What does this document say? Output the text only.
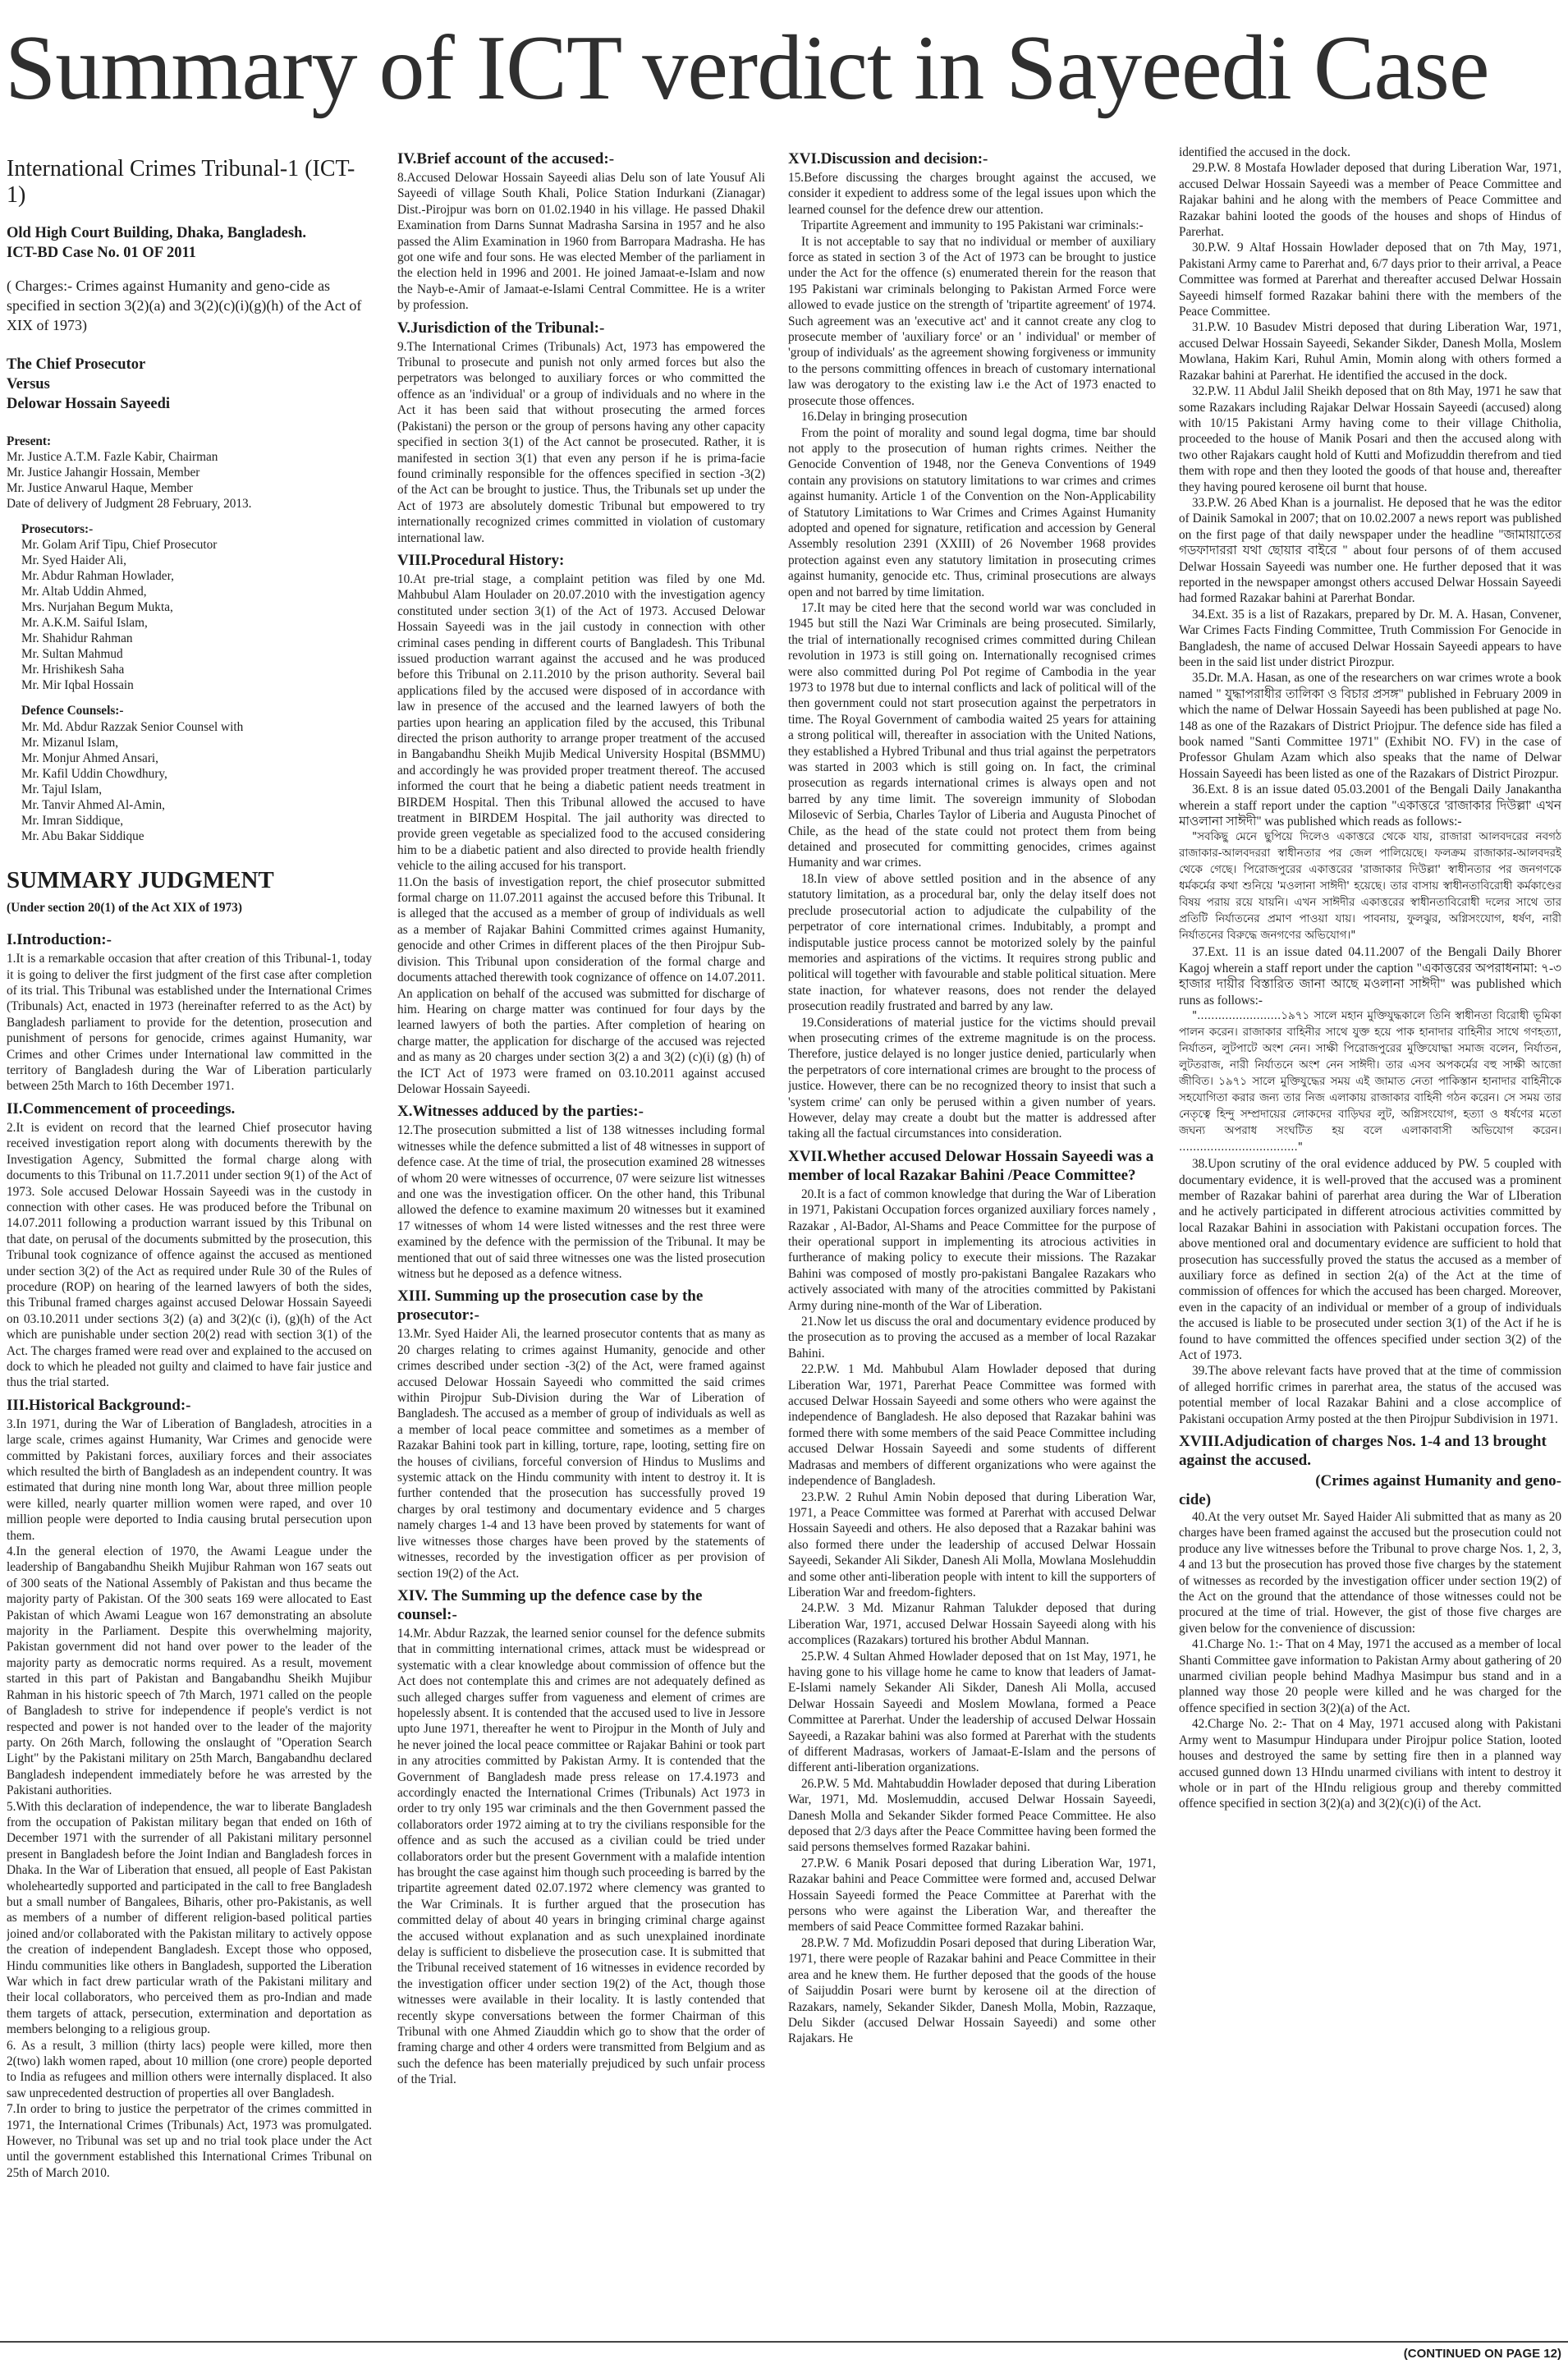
Summary of ICT verdict in Sayeedi Case
International Crimes Tribunal-1 (ICT-1)
Old High Court Building, Dhaka, Bangladesh.
ICT-BD Case No. 01 OF 2011
( Charges:- Crimes against Humanity and geno-cide as specified in section 3(2)(a) and 3(2)(c)(i)(g)(h) of the Act of XIX of 1973)
The Chief Prosecutor
Versus
Delowar Hossain Sayeedi
Present:
Mr. Justice A.T.M. Fazle Kabir, Chairman
Mr. Justice Jahangir Hossain, Member
Mr. Justice Anwarul Haque, Member
Date of delivery of Judgment 28 February, 2013.
Prosecutors:-
Mr. Golam Arif Tipu, Chief Prosecutor
Mr. Syed Haider Ali,
Mr. Abdur Rahman Howlader,
Mr. Altab Uddin Ahmed,
Mrs. Nurjahan Begum Mukta,
Mr. A.K.M. Saiful Islam,
Mr. Shahidur Rahman
Mr. Sultan Mahmud
Mr. Hrishikesh Saha
Mr. Mir Iqbal Hossain
Defence Counsels:-
Mr. Md. Abdur Razzak Senior Counsel with
Mr. Mizanul Islam,
Mr. Monjur Ahmed Ansari,
Mr. Kafil Uddin Chowdhury,
Mr. Tajul Islam,
Mr. Tanvir Ahmed Al-Amin,
Mr. Imran Siddique,
Mr. Abu Bakar Siddique
SUMMARY JUDGMENT
(Under section 20(1) of the Act XIX of 1973)
I.Introduction:-

1.It is a remarkable occasion that after creation of this Tribunal-1, today it is going to deliver the first judgment of the first case after completion of its trial. This Tribunal was established under the International Crimes (Tribunals) Act, enacted in 1973 (hereinafter referred to as the Act) by Bangladesh parliament to provide for the detention, prosecution and punishment of persons for genocide, crimes against Humanity, war Crimes and other Crimes under International law committed in the territory of Bangladesh during the War of Liberation particularly between 25th March to 16th December 1971.

II.Commencement of proceedings.

2.It is evident on record that the learned Chief prosecutor having received investigation report along with documents therewith by the Investigation Agency, Submitted the formal charge along with documents to this Tribunal on 11.7.2011 under section 9(1) of the Act of 1973. Sole accused Delowar Hossain Sayeedi was in the custody in connection with other cases. He was produced before the Tribunal on 14.07.2011 following a production warrant issued by this Tribunal on that date, on perusal of the documents submitted by the prosecution, this Tribunal took cognizance of offence against the accused as mentioned under section 3(2) of the Act as required under Rule 30 of the Rules of procedure (ROP) on hearing of the learned lawyers of both the sides, this Tribunal framed charges against accused Delowar Hossain Sayeedi on 03.10.2011 under sections 3(2) (a) and 3(2)(c (i), (g)(h) of the Act which are punishable under section 20(2) read with section 3(1) of the Act. The charges framed were read over and explained to the accused on dock to which he pleaded not guilty and claimed to have fair justice and thus the trial started.

III.Historical Background:-

3.In 1971, during the War of Liberation of Bangladesh, atrocities in a large scale, crimes against Humanity, War Crimes and genocide were committed by Pakistani forces, auxiliary forces and their associates which resulted the birth of Bangladesh as an independent country. It was estimated that during nine month long War, about three million people were killed, nearly quarter million women were raped, and over 10 million people were deported to India causing brutal persecution upon them.

4.In the general election of 1970, the Awami League under the leadership of Bangabandhu Sheikh Mujibur Rahman won 167 seats out of 300 seats of the National Assembly of Pakistan and thus became the majority party of Pakistan. Of the 300 seats 169 were allocated to East Pakistan of which Awami League won 167 demonstrating an absolute majority in the Parliament. Despite this overwhelming majority, Pakistan government did not hand over power to the leader of the majority party as democratic norms required. As a result, movement started in this part of Pakistan and Bangabandhu Sheikh Mujibur Rahman in his historic speech of 7th March, 1971 called on the people of Bangladesh to strive for independence if people's verdict is not respected and power is not handed over to the leader of the majority party. On 26th March, following the onslaught of "Operation Search Light" by the Pakistani military on 25th March, Bangabandhu declared Bangladesh independent immediately before he was arrested by the Pakistani authorities.

5.With this declaration of independence, the war to liberate Bangladesh from the occupation of Pakistan military began that ended on 16th of December 1971 with the surrender of all Pakistani military personnel present in Bangladesh before the Joint Indian and Bangladesh forces in Dhaka. In the War of Liberation that ensued, all people of East Pakistan wholeheartedly supported and participated in the call to free Bangladesh but a small number of Bangalees, Biharis, other pro-Pakistanis, as well as members of a number of different religion-based political parties joined and/or collaborated with the Pakistan military to actively oppose the creation of independent Bangladesh. Except those who opposed, Hindu communities like others in Bangladesh, supported the Liberation War which in fact drew particular wrath of the Pakistani military and their local collaborators, who perceived them as pro-Indian and made them targets of attack, persecution, extermination and deportation as members belonging to a religious group.

6. As a result, 3 million (thirty lacs) people were killed, more then 2(two) lakh women raped, about 10 million (one crore) people deported to India as refugees and million others were internally displaced. It also saw unprecedented destruction of properties all over Bangladesh.

7.In order to bring to justice the perpetrator of the crimes committed in 1971, the International Crimes (Tribunals) Act, 1973 was promulgated. However, no Tribunal was set up and no trial took place under the Act until the government established this International Crimes Tribunal on 25th of March 2010.

IV.Brief account of the accused:-

8.Accused Delowar Hossain Sayeedi alias Delu son of late Yousuf Ali Sayeedi of village South Khali, Police Station Indurkani (Zianagar) Dist.-Pirojpur was born on 01.02.1940 in his village. He passed Dhakil Examination from Darns Sunnat Madrasha Sarsina in 1957 and he also passed the Alim Examination in 1960 from Barropara Madrasha. He has got one wife and four sons. He was elected Member of the parliament in the election held in 1996 and 2001. He joined Jamaat-e-Islam and now the Nayb-e-Amir of Jamaat-e-Islami Central Committee. He is a writer by profession.

V.Jurisdiction of the Tribunal:-

9.The International Crimes (Tribunals) Act, 1973 has empowered the Tribunal to prosecute and punish not only armed forces but also the perpetrators was belonged to auxiliary forces or who committed the offence as an 'individual' or a group of individuals and no where in the Act it has been said that without prosecuting the armed forces (Pakistani) the person or the group of persons having any other capacity specified in section 3(1) of the Act cannot be prosecuted. Rather, it is manifested in section 3(1) that even any person if he is prima-facie found criminally responsible for the offences specified in section -3(2) of the Act can be brought to justice. Thus, the Tribunals set up under the Act of 1973 are absolutely domestic Tribunal but empowered to try internationally recognized crimes committed in violation of customary international law.

VIII.Procedural History:

10.At pre-trial stage, a complaint petition was filed by one Md. Mahbubul Alam Houlader on 20.07.2010 with the investigation agency constituted under section 3(1) of the Act of 1973. Accused Delowar Hossain Sayeedi was in the jail custody in connection with other criminal cases pending in different courts of Bangladesh. This Tribunal issued production warrant against the accused and he was produced before this Tribunal on 2.11.2010 by the prison authority. Several bail applications filed by the accused were disposed of in accordance with law in presence of the accused and the learned lawyers of both the parties upon hearing an application filed by the accused, this Tribunal directed the prison authority to arrange proper treatment of the accused in Bangabandhu Sheikh Mujib Medical University Hospital (BSMMU) and accordingly he was provided proper treatment thereof. The accused informed the court that he being a diabetic patient needs treatment in BIRDEM Hospital. Then this Tribunal allowed the accused to have treatment in BIRDEM Hospital. The jail authority was directed to provide green vegetable as specialized food to the accused considering him to be a diabetic patient and also directed to provide health friendly vehicle to the ailing accused for his transport.

11.On the basis of investigation report, the chief prosecutor submitted formal charge on 11.07.2011 against the accused before this Tribunal. It is alleged that the accused as a member of group of individuals as well as a member of Rajakar Bahini Committed crimes against Humanity, genocide and other Crimes in different places of the then Pirojpur Sub-division. This Tribunal upon consideration of the formal charge and documents attached therewith took cognizance of offence on 14.07.2011. An application on behalf of the accused was submitted for discharge of him. Hearing on charge matter was continued for four days by the learned lawyers of both the parties. After completion of hearing on charge matter, the application for discharge of the accused was rejected and as many as 20 charges under section 3(2) a and 3(2) (c)(i) (g) (h) of the ICT Act of 1973 were framed on 03.10.2011 against accused Delowar Hossain Sayeedi.

X.Witnesses adduced by the parties:-

12.The prosecution submitted a list of 138 witnesses including formal witnesses while the defence submitted a list of 48 witnesses in support of defence case. At the time of trial, the prosecution examined 28 witnesses of whom 20 were witnesses of occurrence, 07 were seizure list witnesses and one was the investigation officer. On the other hand, this Tribunal allowed the defence to examine maximum 20 witnesses but it examined 17 witnesses of whom 14 were listed witnesses and the rest three were examined by the defence with the permission of the Tribunal. It may be mentioned that out of said three witnesses one was the listed prosecution witness but he deposed as a defence witness.

XIII. Summing up the prosecution case by the prosecutor:-

13.Mr. Syed Haider Ali, the learned prosecutor contents that as many as 20 charges relating to crimes against Humanity, genocide and other crimes described under section -3(2) of the Act, were framed against accused Delowar Hossain Sayeedi who committed the said crimes within Pirojpur Sub-Division during the War of Liberation of Bangladesh. The accused as a member of group of individuals as well as a member of local peace committee and sometimes as a member of Razakar Bahini took part in killing, torture, rape, looting, setting fire on the houses of civilians, forceful conversion of Hindus to Muslims and systemic attack on the Hindu community with intent to destroy it. It is further contended that the prosecution has successfully proved 19 charges by oral testimony and documentary evidence and 5 charges namely charges 1-4 and 13 have been proved by statements for want of live witnesses those charges have been proved by the statements of witnesses, recorded by the investigation officer as per provision of section 19(2) of the Act.

XIV. The Summing up the defence case by the counsel:-

14.Mr. Abdur Razzak, the learned senior counsel for the defence submits that in committing international crimes, attack must be widespread or systematic with a clear knowledge about commission of offence but the Act does not contemplate this and crimes are not adequately defined as such alleged charges suffer from vagueness and element of crimes are hopelessly absent. It is contended that the accused used to live in Jessore upto June 1971, thereafter he went to Pirojpur in the Month of July and he never joined the local peace committee or Rajakar Bahini or took part in any atrocities committed by Pakistan Army. It is contended that the Government of Bangladesh made press release on 17.4.1973 and accordingly enacted the International Crimes (Tribunals) Act 1973 in order to try only 195 war criminals and the then Government passed the collaborators order 1972 aiming at to try the civilians responsible for the offence and as such the accused as a civilian could be tried under collaborators order but the present Government with a malafide intention has brought the case against him though such proceeding is barred by the tripartite agreement dated 02.07.1972 where clemency was granted to the War Criminals. It is further argued that the prosecution has committed delay of about 40 years in bringing criminal charge against the accused without explanation and as such unexplained inordinate delay is sufficient to disbelieve the prosecution case. It is submitted that the Tribunal received statement of 16 witnesses in evidence recorded by the investigation officer under section 19(2) of the Act, though those witnesses were available in their locality. It is lastly contended that recently skype conversations between the former Chairman of this Tribunal with one Ahmed Ziauddin which go to show that the order of framing charge and other 4 orders were transmitted from Belgium and as such the defence has been materially prejudiced by such unfair process of the Trial.

XVI.Discussion and decision:-

15.Before discussing the charges brought against the accused, we consider it expedient to address some of the legal issues upon which the learned counsel for the defence drew our attention.

Tripartite Agreement and immunity to 195 Pakistani war criminals:-

It is not acceptable to say that no individual or member of auxiliary force as stated in section 3 of the Act of 1973 can be brought to justice under the Act for the offence (s) enumerated therein for the reason that 195 Pakistani war criminals belonging to Pakistan Armed Force were allowed to evade justice on the strength of 'tripartite agreement' of 1974. Such agreement was an 'executive act' and it cannot create any clog to prosecute member of 'auxiliary force' or an ' individual' or member of 'group of individuals' as the agreement showing forgiveness or immunity to the persons committing offences in breach of customary international law was derogatory to the existing law i.e the Act of 1973 enacted to prosecute those offences.

16.Delay in bringing prosecution

From the point of morality and sound legal dogma, time bar should not apply to the prosecution of human rights crimes. Neither the Genocide Convention of 1948, nor the Geneva Conventions of 1949 contain any provisions on statutory limitations to war crimes and crimes against humanity. Article 1 of the Convention on the Non-Applicability of Statutory Limitations to War Crimes and Crimes Against Humanity adopted and opened for signature, retification and accession by General Assembly resolution 2391 (XXIII) of 26 November 1968 provides protection against even any statutory limitation in prosecuting crimes against humanity, genocide etc. Thus, criminal prosecutions are always open and not barred by time limitation.

17.It may be cited here that the second world war was concluded in 1945 but still the Nazi War Criminals are being prosecuted. Similarly, the trial of internationally recognised crimes committed during Chilean revolution in 1973 is still going on. Internationally recognised crimes were also committed during Pol Pot regime of Cambodia in the year 1973 to 1978 but due to internal conflicts and lack of political will of the then government could not start prosecution against the perpetrators in time. The Royal Government of cambodia waited 25 years for attaining a strong political will, thereafter in association with the United Nations, they established a Hybred Tribunal and thus trial against the perpetrators was started in 2003 which is still going on. In fact, the criminal prosecution as regards international crimes is always open and not barred by any time limit. The sovereign immunity of Slobodan Milosevic of Serbia, Charles Taylor of Liberia and Augusta Pinochet of Chile, as the head of the state could not protect them from being detained and prosecuted for committing genocides, crimes against Humanity and war crimes.

18.In view of above settled position and in the absence of any statutory limitation, as a procedural bar, only the delay itself does not preclude prosecutorial action to adjudicate the culpability of the perpetrator of core international crimes. Indubitably, a prompt and indisputable justice process cannot be motorized solely by the painful memories and aspirations of the victims. It requires strong public and political will together with favourable and stable political situation. Mere state inaction, for whatever reasons, does not render the delayed prosecution readily frustrated and barred by any law.

19.Considerations of material justice for the victims should prevail when prosecuting crimes of the extreme magnitude is on the process. Therefore, justice delayed is no longer justice denied, particularly when the perpetrators of core international crimes are brought to the process of justice. However, there can be no recognized theory to insist that such a 'system crime' can only be perused within a given number of years. However, delay may create a doubt but the matter is addressed after taking all the factual circumstances into consideration.

XVII.Whether accused Delowar Hossain Sayeedi was a member of local Razakar Bahini /Peace Committee?

20.It is a fact of common knowledge that during the War of Liberation in 1971, Pakistani Occupation forces organized auxiliary forces namely , Razakar , Al-Bador, Al-Shams and Peace Committee for the purpose of their operational support in implementing its atrocious activities in furtherance of making policy to execute their missions. The Razakar Bahini was composed of mostly pro-pakistani Bangalee Razakars who actively associated with many of the atrocities committed by Pakistani Army during nine-month of the War of Liberation.

21.Now let us discuss the oral and documentary evidence produced by the prosecution as to proving the accused as a member of local Razakar Bahini.

22.P.W. 1 Md. Mahbubul Alam Howlader deposed that during Liberation War, 1971, Parerhat Peace Committee was formed with accused Delwar Hossain Sayeedi and some others who were against the independence of Bangladesh. He also deposed that Razakar bahini was formed there with some members of the said Peace Committee including accused Delwar Hossain Sayeedi and some students of different Madrasas and members of different organizations who were against the independence of Bangladesh.

23.P.W. 2 Ruhul Amin Nobin deposed that during Liberation War, 1971, a Peace Committee was formed at Parerhat with accused Delwar Hossain Sayeedi and others. He also deposed that a Razakar bahini was also formed there under the leadership of accused Delwar Hossain Sayeedi, Sekander Ali Sikder, Danesh Ali Molla, Mowlana Moslehuddin and some other anti-liberation people with intent to kill the supporters of Liberation War and freedom-fighters.

24.P.W. 3 Md. Mizanur Rahman Talukder deposed that during Liberation War, 1971, accused Delwar Hossain Sayeedi along with his accomplices (Razakars) tortured his brother Abdul Mannan.

25.P.W. 4 Sultan Ahmed Howlader deposed that on 1st May, 1971, he having gone to his village home he came to know that leaders of Jamat-E-Islami namely Sekander Ali Sikder, Danesh Ali Molla, accused Delwar Hossain Sayeedi and Moslem Mowlana, formed a Peace Committee at Parerhat. Under the leadership of accused Delwar Hossain Sayeedi, a Razakar bahini was also formed at Parerhat with the students of different Madrasas, workers of Jamaat-E-Islam and the persons of different anti-liberation organizations.

26.P.W. 5 Md. Mahtabuddin Howlader deposed that during Liberation War, 1971, Md. Moslemuddin, accused Delwar Hossain Sayeedi, Danesh Molla and Sekander Sikder formed Peace Committee. He also deposed that 2/3 days after the Peace Committee having been formed the said persons themselves formed Razakar bahini.

27.P.W. 6 Manik Posari deposed that during Liberation War, 1971, Razakar bahini and Peace Committee were formed and, accused Delwar Hossain Sayeedi formed the Peace Committee at Parerhat with the persons who were against the Liberation War, and thereafter the members of said Peace Committee formed Razakar bahini.

28.P.W. 7 Md. Mofizuddin Posari deposed that during Liberation War, 1971, there were people of Razakar bahini and Peace Committee in their area and he knew them. He further deposed that the goods of the house of Saijuddin Posari were burnt by kerosene oil at the direction of Razakars, namely, Sekander Sikder, Danesh Molla, Mobin, Razzaque, Delu Sikder (accused Delwar Hossain Sayeedi) and some other Rajakars. He

identified the accused in the dock.

29.P.W. 8 Mostafa Howlader deposed that during Liberation War, 1971, accused Delwar Hossain Sayeedi was a member of Peace Committee and Rajakar bahini and he along with the members of Peace Committee and Razakar bahini looted the goods of the houses and shops of Hindus of Parerhat.

30.P.W. 9 Altaf Hossain Howlader deposed that on 7th May, 1971, Pakistani Army came to Parerhat and, 6/7 days prior to their arrival, a Peace Committee was formed at Parerhat and thereafter accused Delwar Hossain Sayeedi himself formed Razakar bahini there with the members of the Peace Committee.

31.P.W. 10 Basudev Mistri deposed that during Liberation War, 1971, accused Delwar Hossain Sayeedi, Sekander Sikder, Danesh Molla, Moslem Mowlana, Hakim Kari, Ruhul Amin, Momin along with others formed a Razakar bahini at Parerhat. He identified the accused in the dock.

32.P.W. 11 Abdul Jalil Sheikh deposed that on 8th May, 1971 he saw that some Razakars including Rajakar Delwar Hossain Sayeedi (accused) along with 10/15 Pakistani Army having come to their village Chitholia, proceeded to the house of Manik Posari and then the accused along with two other Rajakars caught hold of Kutti and Mofizuddin therefrom and tied them with rope and then they looted the goods of that house and, thereafter they having poured kerosene oil burnt that house.

33.P.W. 26 Abed Khan is a journalist. He deposed that he was the editor of Dainik Samokal in 2007; that on 10.02.2007 a news report was published on the first page of that daily newspaper under the headline "জামায়াতের গডফাদাররা যথা ছোয়ার বাইরে " about four persons of of them accused Delwar Hossain Sayeedi was number one. He further deposed that it was reported in the newspaper amongst others accused Delwar Hossain Sayeedi had formed Razakar bahini at Parerhat Bondar.

34.Ext. 35 is a list of Razakars, prepared by Dr. M. A. Hasan, Convener, War Crimes Facts Finding Committee, Truth Commission For Genocide in Bangladesh, the name of accused Delwar Hossain Sayeedi appears to have been in the said list under district Pirozpur.

35.Dr. M.A. Hasan, as one of the researchers on war crimes wrote a book named " যুদ্ধাপরাধীর তালিকা ও বিচার প্রসঙ্গ" published in February 2009 in which the name of Delwar Hossain Sayeedi has been published at page No. 148 as one of the Razakars of District Priojpur. The defence side has filed a book named "Santi Committee 1971" (Exhibit NO. FV) in the case of Professor Ghulam Azam which also speaks that the name of Delwar Hossain Sayeedi has been listed as one of the Razakars of District Pirozpur.

36.Ext. 8 is an issue dated 05.03.2001 of the Bengali Daily Janakantha wherein a staff report under the caption "একাত্তরে 'রাজাকার দিউল্লা' এখন মাওলানা সাঈদী" was published which reads as follows:-

"সবকিছু মেনে ছুপিয়ে দিলেও একাত্তরে থেকে যায়, রাজারা আলবদরের নবগঠ রাজাকার-আলবদররা স্বাধীনতার পর জেল পালিয়েছে। ফলক্রম রাজাকার-আলবদরই থেকে গেছে। পিরোজপুরের একাত্তরের 'রাজাকার দিউল্লা' স্বাধীনতার পর জনগণকে ধর্মকর্মের কথা শুনিয়ে 'মওলানা সাঈদী' হয়েছে। তার বাসায় স্বাধীনতাবিরোধী কর্মকাণ্ডের বিষয় পরায় রয়ে যায়নি। এখন সাঈদীর একাত্তরের স্বাধীনতাবিরোধী দলের সাথে তার প্রতিটি নির্যাতনের প্রমাণ পাওয়া যায়। পাবনায়, ফুলঝুর, অগ্নিসংযোগ, ধর্ষণ, নারী নির্যাতনের বিরুদ্ধে জনগণের অভিযোগ।"

37.Ext. 11 is an issue dated 04.11.2007 of the Bengali Daily Bhorer Kagoj wherein a staff report under the caption "একাত্তরের অপরাধনামা: ৭-৩ হাজার দায়ীর বিস্তারিত জানা আছে মওলানা সাঈদী" was published which runs as follows:-

"........................১৯৭১ সালে মহান মুক্তিযুদ্ধকালে তিনি স্বাধীনতা বিরোধী ভূমিকা পালন করেন। রাজাকার বাহিনীর সাথে যুক্ত হয়ে পাক হানাদার বাহিনীর সাথে গণহত্যা, নির্যাতন, লুটপাটে অংশ নেন। সাক্ষী পিরোজপুরের মুক্তিযোদ্ধা সমাজ বলেন, নির্যাতন, লুটতরাজ, নারী নির্যাতনে অংশ নেন সাঈদী। তার এসব অপকর্মের বহু সাক্ষী আজো জীবিত। ১৯৭১ সালে মুক্তিযুদ্ধের সময় এই জামাত নেতা পাকিস্তান হানাদার বাহিনীকে সহযোগিতা করার জন্য তার নিজ এলাকায় রাজাকার বাহিনী গঠন করেন। সে সময় তার নেতৃত্বে হিন্দু সম্প্রদায়ের লোকদের বাড়িঘর লুট, অগ্নিসংযোগ, হত্যা ও ধর্ষণের মতো জঘন্য অপরাধ সংঘটিত হয় বলে এলাকাবাসী অভিযোগ করেন। .................................."

38.Upon scrutiny of the oral evidence adduced by PW. 5 coupled with documentary evidence, it is well-proved that the accused was a prominent member of Razakar bahini of parerhat area during the War of LIberation and he actively participated in different atrocious activities committed by local Razakar Bahini in association with Pakistani occupation forces. The above mentioned oral and documentary evidence are sufficient to hold that prosecution has successfully proved the status the accused as a member of auxiliary force as defined in section 2(a) of the Act at the time of commission of offences for which the accused has been charged. Moreover, even in the capacity of an individual or member of a group of individuals the accused is liable to be prosecuted under section 3(1) of the Act if he is found to have committed the offences specified under section 3(2) of the Act of 1973.

39.The above relevant facts have proved that at the time of commission of alleged horrific crimes in parerhat area, the status of the accused was potential member of local Razakar Bahini and a close accomplice of Pakistani occupation Army posted at the then Pirojpur Subdivision in 1971.

XVIII.Adjudication of charges Nos. 1-4 and 13 brought against the accused.

(Crimes against Humanity and geno-

cide)

40.At the very outset Mr. Sayed Haider Ali submitted that as many as 20 charges have been framed against the accused but the prosecution could not produce any live witnesses before the Tribunal to prove charge Nos. 1, 2, 3, 4 and 13 but the prosecution has proved those five charges by the statement of witnesses as recorded by the investigation officer under section 19(2) of the Act on the ground that the attendance of those witnesses could not be procured at the time of trial. However, the gist of those five charges are given below for the convenience of discussion:

41.Charge No. 1:- That on 4 May, 1971 the accused as a member of local Shanti Committee gave information to Pakistan Army about gathering of 20 unarmed civilian people behind Madhya Masimpur bus stand and in a planned way those 20 people were killed and he was charged for the offence specified in section 3(2)(a) of the Act.

42.Charge No. 2:- That on 4 May, 1971 accused along with Pakistani Army went to Masumpur Hindupara under Pirojpur police Station, looted houses and destroyed the same by setting fire then in a planned way accused gunned down 13 HIndu unarmed civilians with intent to destroy it whole or in part of the HIndu religious group and thereby committed offence specified in section 3(2)(a) and 3(2)(c)(i) of the Act.

(CONTINUED ON PAGE 12)
